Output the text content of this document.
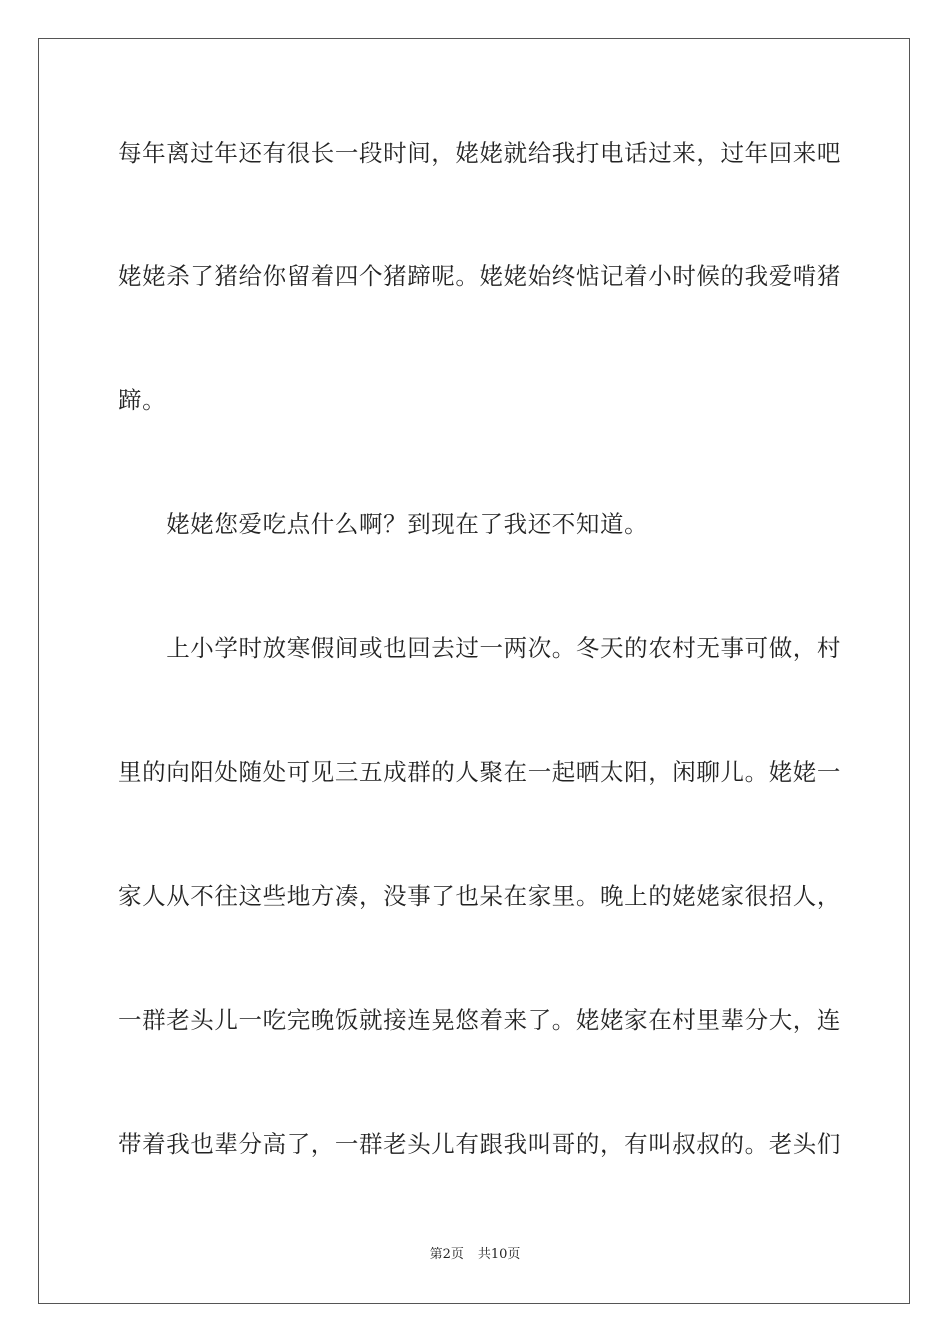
每年离过年还有很长一段时间，姥姥就给我打电话过来，过年回来吧
姥姥杀了猪给你留着四个猪蹄呢。姥姥始终惦记着小时候的我爱啃猪
蹄。
　　姥姥您爱吃点什么啊？到现在了我还不知道。
　　上小学时放寒假间或也回去过一两次。冬天的农村无事可做，村
里的向阳处随处可见三五成群的人聚在一起晒太阳，闲聊儿。姥姥一
家人从不往这些地方凑，没事了也呆在家里。晚上的姥姥家很招人，
一群老头儿一吃完晚饭就接连晃悠着来了。姥姥家在村里辈分大，连
带着我也辈分高了，一群老头儿有跟我叫哥的，有叫叔叔的。老头们
第2页 共10页
